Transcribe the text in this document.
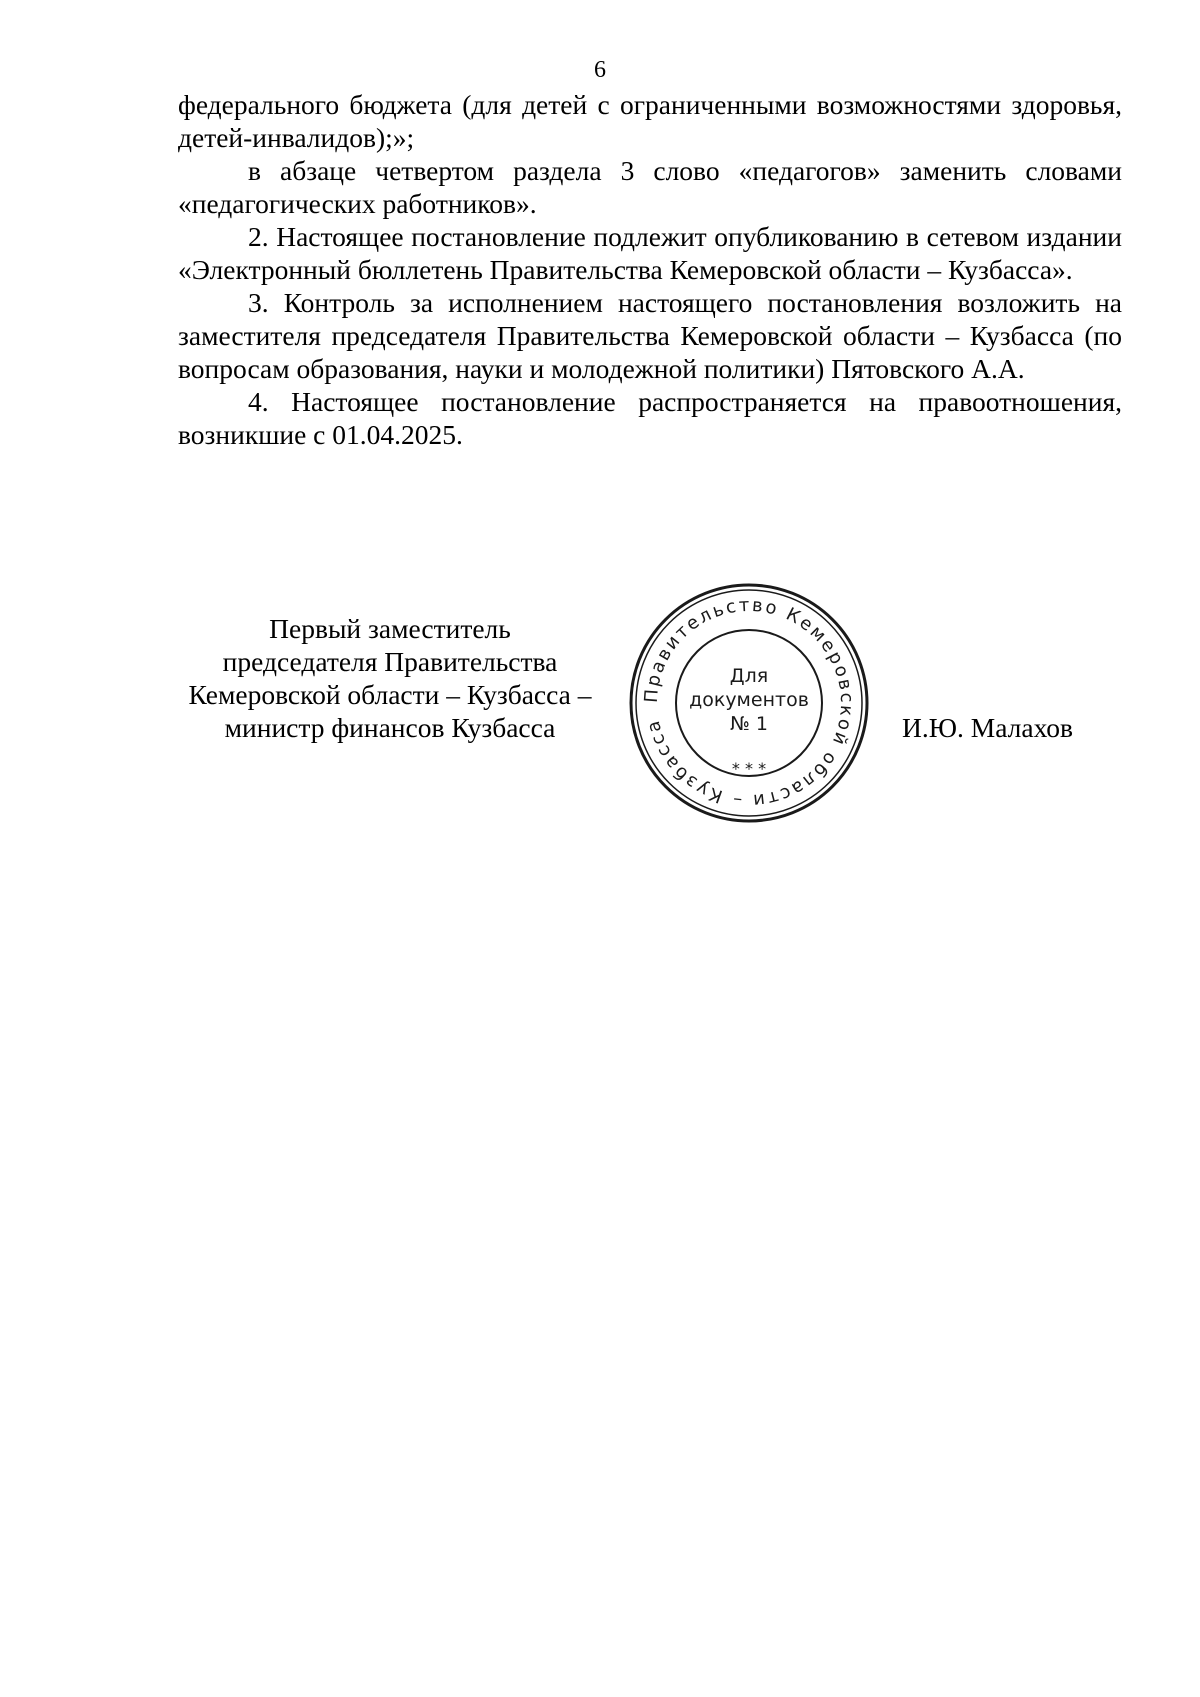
6

федерального бюджета (для детей с ограниченными возможностями здоровья, детей-инвалидов);»;

в абзаце четвертом раздела 3 слово «педагогов» заменить словами «педагогических работников».

2. Настоящее постановление подлежит опубликованию в сетевом издании «Электронный бюллетень Правительства Кемеровской области – Кузбасса».

3. Контроль за исполнением настоящего постановления возложить на заместителя председателя Правительства Кемеровской области – Кузбасса (по вопросам образования, науки и молодежной политики) Пятовского А.А.

4. Настоящее постановление распространяется на правоотношения, возникшие с 01.04.2025.

Первый заместитель
председателя Правительства
Кемеровской области – Кузбасса –
министр финансов Кузбасса
Правительство Кемеровской области – Кузбасса
* * *
Для
документов
№ 1	И.Ю. Малахов
